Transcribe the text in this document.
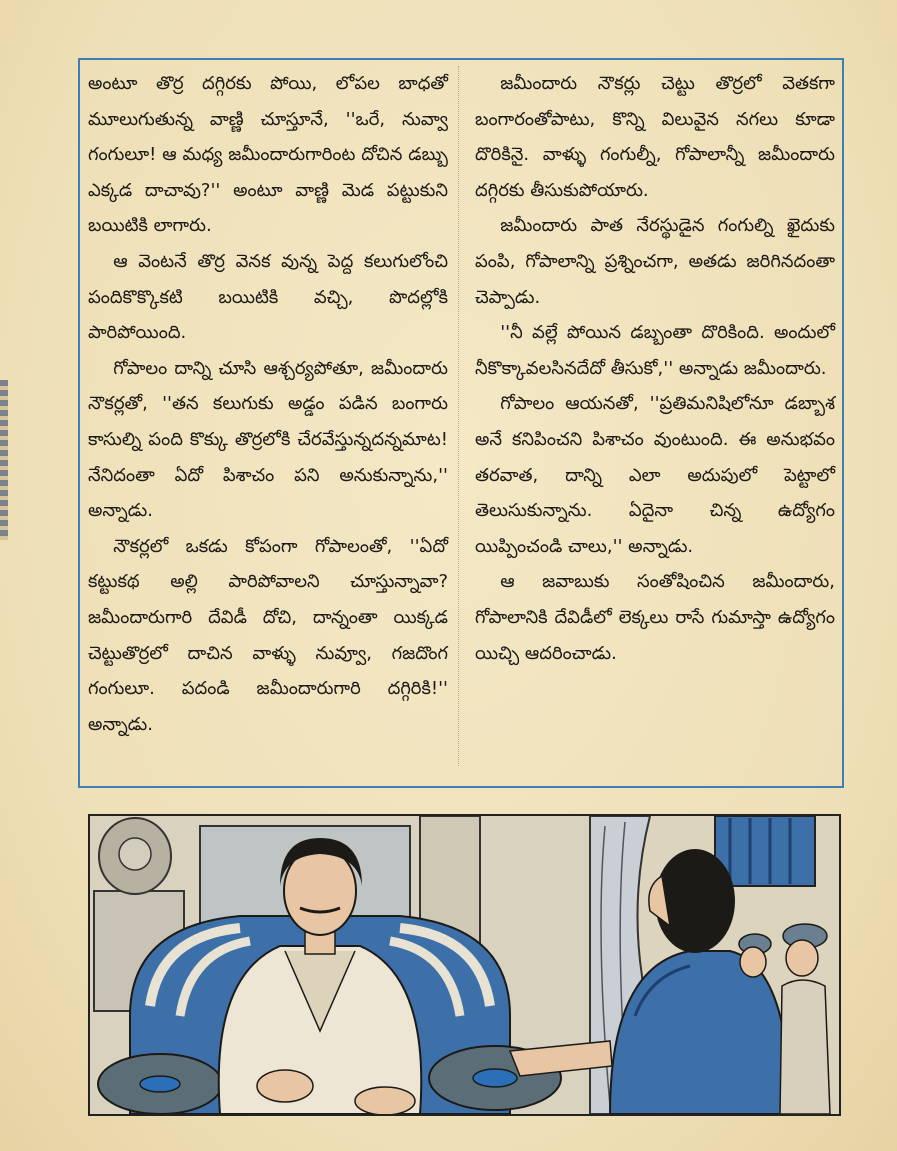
అంటూ తొర్ర దగ్గిరకు పోయి, లోపల బాధతో మూలుగుతున్న వాణ్ణి చూస్తూనే, ''ఒరే, నువ్వా గంగులూ! ఆ మధ్య జమీందారుగారింట దోచిన డబ్బు ఎక్కడ దాచావు?'' అంటూ వాణ్ణి మెడ పట్టుకుని బయిటికి లాగారు.

ఆ వెంటనే తొర్ర వెనక వున్న పెద్ద కలుగులోంచి పందికొక్కొకటి బయిటికి వచ్చి, పొదల్లోకి పారిపోయింది.

గోపాలం దాన్ని చూసి ఆశ్చర్యపోతూ, జమీందారు నౌకర్లతో, ''తన కలుగుకు అడ్డం పడిన బంగారు కాసుల్ని పంది కొక్కు తొర్రలోకి చేరవేస్తున్నదన్నమాట! నేనిదంతా ఏదో పిశాచం పని అనుకున్నాను,'' అన్నాడు.

నౌకర్లలో ఒకడు కోపంగా గోపాలంతో, ''ఏదో కట్టుకథ అల్లి పారిపోవాలని చూస్తున్నావా? జమీందారుగారి దేవిడీ దోచి, దాన్నంతా యిక్కడ చెట్టుతొర్రలో దాచిన వాళ్ళు నువ్వూ, గజదొంగ గంగులూ. పదండి జమీందారుగారి దగ్గిరికి!'' అన్నాడు.

జమీందారు నౌకర్లు చెట్టు తొర్రలో వెతకగా బంగారంతోపాటు, కొన్ని విలువైన నగలు కూడా దొరికినై. వాళ్ళు గంగుల్నీ, గోపాలాన్నీ జమీందారు దగ్గిరకు తీసుకుపోయారు.

జమీందారు పాత నేరస్థుడైన గంగుల్ని ఖైదుకు పంపి, గోపాలాన్ని ప్రశ్నించగా, అతడు జరిగినదంతా చెప్పాడు.

''నీ వల్లే పోయిన డబ్బంతా దొరికింది. అందులో నీకొక్కావలసినదేదో తీసుకో,'' అన్నాడు జమీందారు.

గోపాలం ఆయనతో, ''ప్రతిమనిషిలోనూ డబ్బాశ అనే కనిపించని పిశాచం వుంటుంది. ఈ అనుభవం తరవాత, దాన్ని ఎలా అదుపులో పెట్టాలో తెలుసుకున్నాను. ఏదైనా చిన్న ఉద్యోగం యిప్పించండి చాలు,'' అన్నాడు.

ఆ జవాబుకు సంతోషించిన జమీందారు, గోపాలానికి దేవిడీలో లెక్కలు రాసే గుమాస్తా ఉద్యోగం యిచ్చి ఆదరించాడు.
